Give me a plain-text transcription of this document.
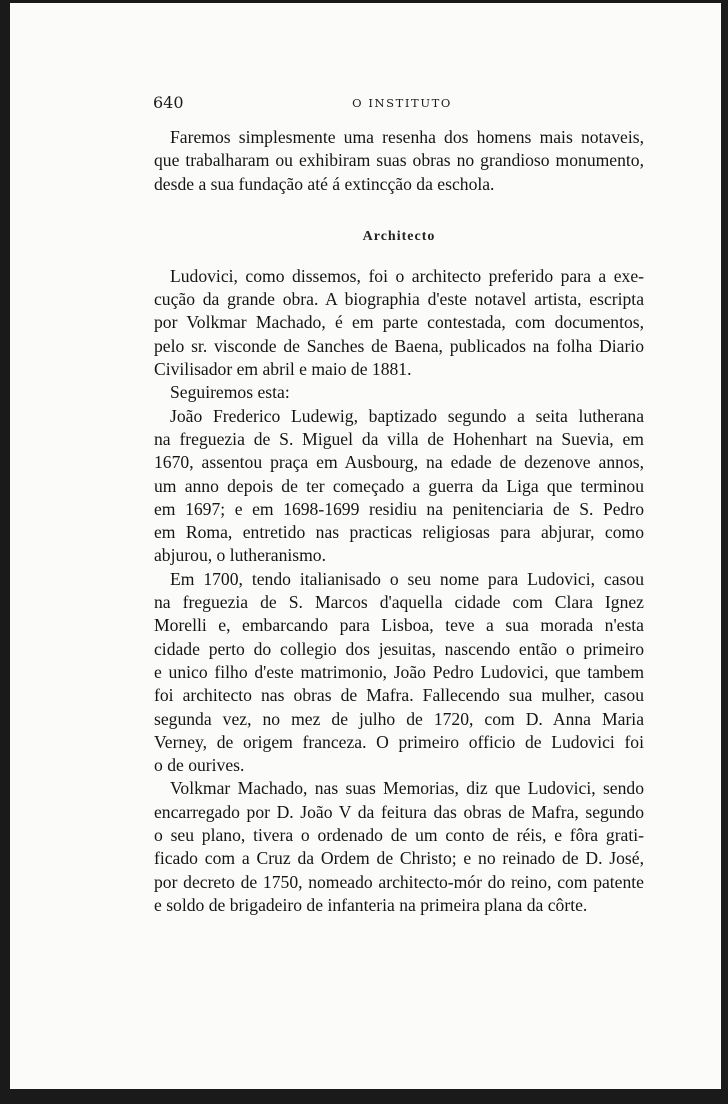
640	O INSTITUTO
Faremos simplesmente uma resenha dos homens mais notaveis,
que trabalharam ou exhibiram suas obras no grandioso monumento,
desde a sua fundação até á extincção da eschola.
Architecto
Ludovici, como dissemos, foi o architecto preferido para a exe-
cução da grande obra. A biographia d'este notavel artista, escripta
por Volkmar Machado, é em parte contestada, com documentos,
pelo sr. visconde de Sanches de Baena, publicados na folha Diario
Civilisador em abril e maio de 1881.
Seguiremos esta:
João Frederico Ludewig, baptizado segundo a seita lutherana
na freguezia de S. Miguel da villa de Hohenhart na Suevia, em
1670, assentou praça em Ausbourg, na edade de dezenove annos,
um anno depois de ter começado a guerra da Liga que terminou
em 1697; e em 1698-1699 residiu na penitenciaria de S. Pedro
em Roma, entretido nas practicas religiosas para abjurar, como
abjurou, o lutheranismo.
Em 1700, tendo italianisado o seu nome para Ludovici, casou
na freguezia de S. Marcos d'aquella cidade com Clara Ignez
Morelli e, embarcando para Lisboa, teve a sua morada n'esta
cidade perto do collegio dos jesuitas, nascendo então o primeiro
e unico filho d'este matrimonio, João Pedro Ludovici, que tambem
foi architecto nas obras de Mafra. Fallecendo sua mulher, casou
segunda vez, no mez de julho de 1720, com D. Anna Maria
Verney, de origem franceza. O primeiro officio de Ludovici foi
o de ourives.
Volkmar Machado, nas suas Memorias, diz que Ludovici, sendo
encarregado por D. João V da feitura das obras de Mafra, segundo
o seu plano, tivera o ordenado de um conto de réis, e fôra grati-
ficado com a Cruz da Ordem de Christo; e no reinado de D. José,
por decreto de 1750, nomeado architecto-mór do reino, com patente
e soldo de brigadeiro de infanteria na primeira plana da côrte.
